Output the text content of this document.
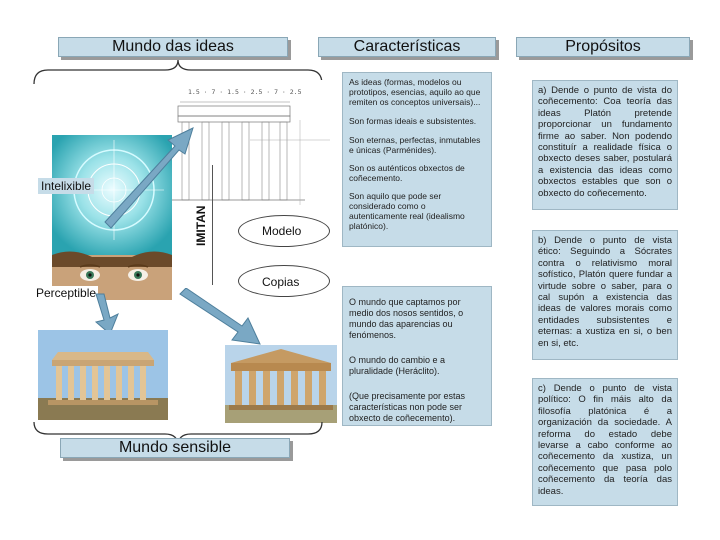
Mundo das ideas
1.5 · 7 · 1.5 · 2.5 · 7 · 2.5
IMITAN
Intelixible
Perceptible
Modelo
Copias
Mundo sensible
Características
As ideas (formas, modelos ou prototipos, esencias, aquilo ao que remiten os conceptos universais)...
Son formas ideais e subsistentes.
Son eternas, perfectas, inmutables e únicas (Parménides).
Son os auténticos obxectos de coñecemento.
Son aquilo que pode ser considerado como o autenticamente real (idealismo platónico).
O mundo que captamos por medio dos nosos sentidos, o mundo das aparencias ou fenómenos.
O mundo do cambio e a pluralidade (Heráclito).
(Que precisamente por estas características non pode ser obxecto de coñecemento).
Propósitos
a) Dende o punto de vista do coñecemento: Coa teoría das ideas Platón pretende proporcionar un fundamento firme ao saber. Non podendo constituír a realidade física o obxecto deses saber, postulará a existencia das ideas como obxectos estables que son o obxecto do coñecemento.
b) Dende o punto de vista ético: Seguindo a Sócrates contra o relativismo moral sofístico, Platón quere fundar a virtude sobre o saber, para o cal supón a existencia das ideas de valores morais como entidades subsistentes e eternas: a xustiza en si, o ben en si, etc.
c) Dende o punto de vista político: O fin máis alto da filosofía platónica é a organización da sociedade. A reforma do estado debe levarse a cabo conforme ao coñecemento da xustiza, un coñecemento que pasa polo coñecemento da teoría das ideas.
